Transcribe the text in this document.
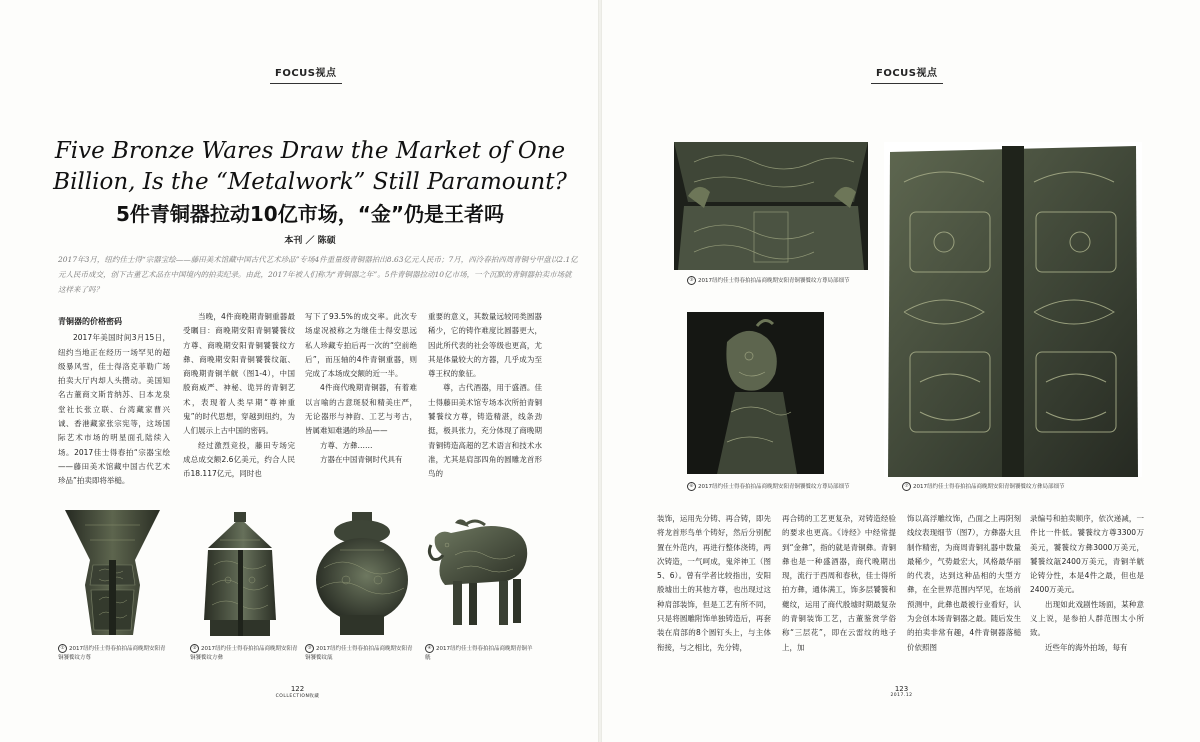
FOCUS视点
Five Bronze Wares Draw the Market of One Billion, Is the “Metalwork” Still Paramount?
5件青铜器拉动10亿市场，“金”仍是王者吗
本刊 ／ 陈硕
2017年3月，纽约佳士得“宗器宝绘——藤田美术馆藏中国古代艺术珍品”专场4件重量级青铜器拍出8.63亿元人民币；7月，西泠春拍西周青铜兮甲盘以2.1亿元人民币成交，创下古董艺术品在中国境内的拍卖纪录。由此，2017年被人们称为“青铜器之年”。5件青铜器拉动10亿市场，一个沉默的青铜器拍卖市场就这样来了吗？
青铜器的价格密码

2017年美国时间3月15日，纽约当地正在经历一场罕见的超级暴风雪，佳士得洛克菲勒广场拍卖大厅内却人头攒动。美国知名古董商文斯肯纳苏、日本龙泉堂社长张立联、台湾藏家曹兴诚、香港藏家张宗宪等，这场国际艺术市场的明星面孔陆续入场。2017佳士得春拍“宗器宝绘——藤田美术馆藏中国古代艺术珍品”拍卖即将举槌。

当晚，4件商晚期青铜重器最受瞩目：商晚期安阳青铜饕餮纹方尊、商晚期安阳青铜饕餮纹方彝、商晚期安阳青铜饕餮纹瓿、商晚期青铜羊觥（图1-4），中国殷商威严、神秘、诡异的青铜艺术，表现着人类早期“尊神重鬼”的时代思想，穿越到纽约，为人们展示上古中国的密码。

经过激烈竞投，藤田专场完成总成交额2.6亿美元，约合人民币18.117亿元，同时也

写下了93.5%的成交率。此次专场虚况被称之为继佳士得安思远私人珍藏专拍后再一次的“空前绝后”，而压轴的4件青铜重器，则完成了本场成交额的近一半。

4件商代晚期青铜器，有着难以言喻的古意斑驳和精美庄严，无论器形与神韵、工艺与考古，皆属难知难遇的珍品——

方尊、方彝……

方器在中国青铜时代具有

重要的意义，其数量远较同类圆器稀少，它的铸作难度比圆器更大，因此所代表的社会等级也更高，尤其是体量较大的方器，几乎成为至尊王权的象征。

尊，古代酒器，用于盛酒。佳士得藤田美术馆专场本次所拍青铜饕餮纹方尊，铸造精湛，线条劲挺，极具张力，充分体现了商晚期青铜铸造高超的艺术语言和技术水准，尤其是肩部四角的圆雕龙首形鸟的

① 2017纽约佳士得春拍拍品商晚期安阳青铜饕餮纹方尊
② 2017纽约佳士得春拍拍品商晚期安阳青铜饕餮纹方彝
③ 2017纽约佳士得春拍拍品商晚期安阳青铜饕餮纹瓿
④ 2017纽约佳士得春拍拍品商晚期青铜羊觥
122
COLLECTION收藏
FOCUS视点
⑤ 2017纽约佳士得春拍拍品商晚期安阳青铜饕餮纹方尊局部细节
⑦ 2017纽约佳士得春拍拍品商晚期安阳青铜饕餮纹方彝局部细节
⑥ 2017纽约佳士得春拍拍品商晚期安阳青铜饕餮纹方尊局部细节

装饰，运用先分铸、再合铸，即先将龙首形鸟单个铸好，然后分别配置在外范内，再进行整体浇铸，两次铸造，一气呵成，鬼斧神工（图5、6）。曾有学者比较指出，安阳殷墟出土的其他方尊，也出现过这种肩部装饰，但是工艺有所不同，只是将圆雕附饰单独铸造后，再套装在肩部的8个圆钉头上，与主体衔接，与之相比，先分铸，

再合铸的工艺更复杂，对铸造经验的要求也更高。《诗经》中经常提到“金彝”，指的就是青铜彝。青铜彝也是一种盛酒器，商代晚期出现，流行于西周和春秋，佳士得所拍方彝，通体满工，饰多层饕餮和夔纹，运用了商代殷墟时期最复杂的青铜装饰工艺，古董鉴赏学俗称“三层花”，即在云雷纹的地子上，加

饰以高浮雕纹饰，凸面之上再阴刻线纹表现细节（图7），方彝器大且制作精密，为商周青铜礼器中数量最稀少，气势最宏大，风格最华丽的代表，达到这种品相的大型方彝，在全世界范围内罕见，在场前预测中，此彝也最被行业看好，认为会创本场青铜器之最。随后发生的拍卖非常有趣，4件青铜器落槌价依照图

录编号和拍卖顺序，依次递减，一件比一件低。饕餮纹方尊3300万美元，饕餮纹方彝3000万美元，饕餮纹瓿2400万美元，青铜羊觥论铸分性，本是4件之最，但也是2400万美元。

出现如此戏剧性场面，某种意义上说，是参拍人群范围太小所致。

近些年的海外拍场，每有

123
2017.12
